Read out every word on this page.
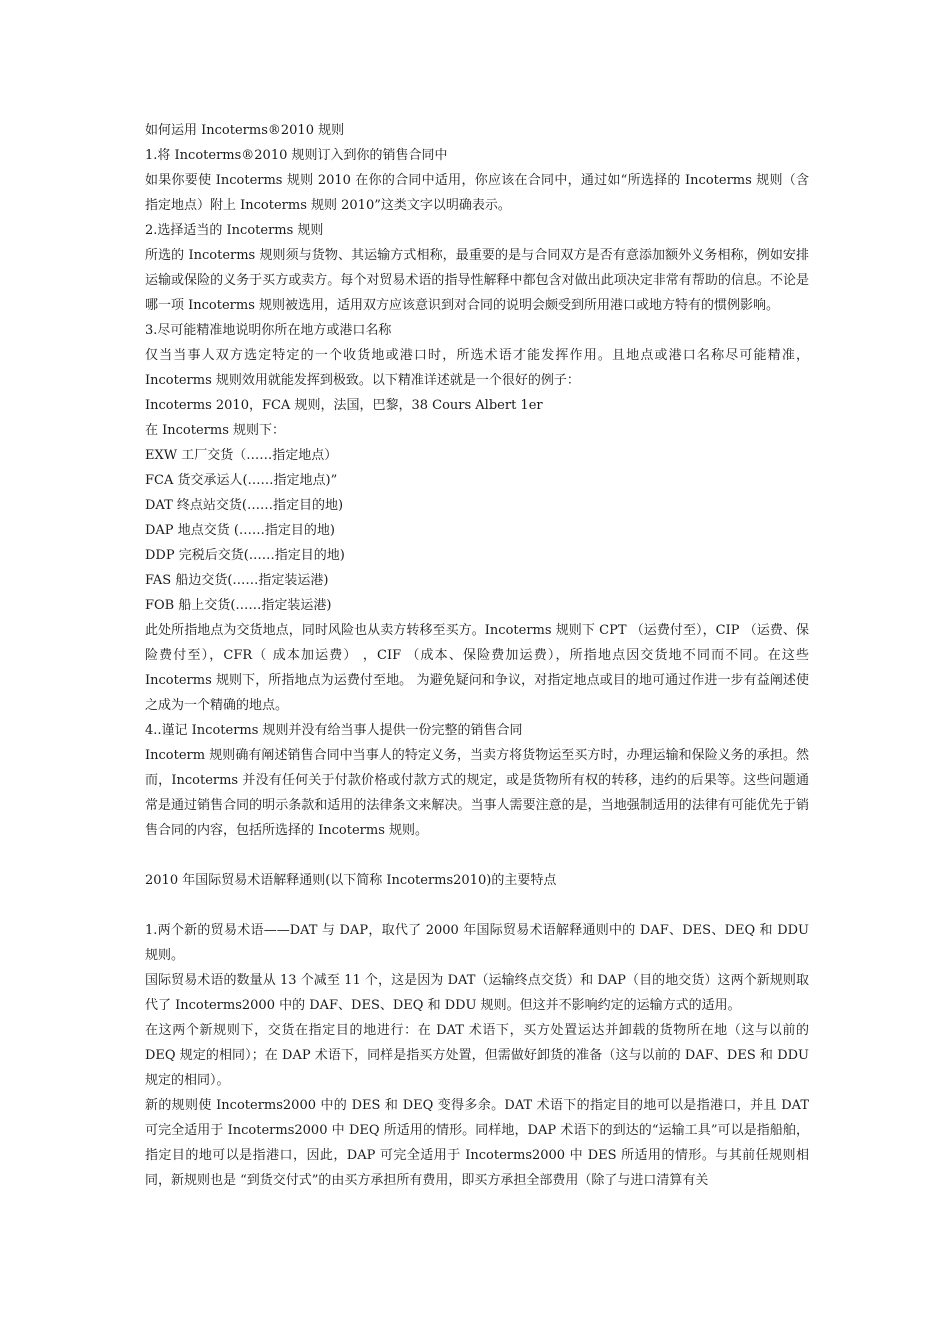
如何运用 Incoterms®2010 规则

1.将 Incoterms®2010 规则订入到你的销售合同中

如果你要使 Incoterms 规则 2010 在你的合同中适用，你应该在合同中，通过如“所选择的 Incoterms 规则（含指定地点）附上 Incoterms 规则 2010”这类文字以明确表示。

2.选择适当的 Incoterms 规则

所选的 Incoterms 规则须与货物、其运输方式相称，最重要的是与合同双方是否有意添加额外义务相称，例如安排运输或保险的义务于买方或卖方。每个对贸易术语的指导性解释中都包含对做出此项决定非常有帮助的信息。不论是哪一项 Incoterms 规则被选用，适用双方应该意识到对合同的说明会颇受到所用港口或地方特有的惯例影响。

3.尽可能精准地说明你所在地方或港口名称

仅当当事人双方选定特定的一个收货地或港口时，所选术语才能发挥作用。且地点或港口名称尽可能精准，Incoterms 规则效用就能发挥到极致。以下精准详述就是一个很好的例子：

Incoterms 2010，FCA 规则，法国，巴黎，38 Cours Albert 1er

在 Incoterms 规则下：

EXW 工厂交货（……指定地点）

FCA 货交承运人(……指定地点)”

DAT 终点站交货(……指定目的地)

DAP 地点交货 (……指定目的地)

DDP 完税后交货(……指定目的地)

FAS 船边交货(……指定装运港)

FOB 船上交货(……指定装运港)

此处所指地点为交货地点，同时风险也从卖方转移至买方。Incoterms 规则下 CPT （运费付至），CIP （运费、保险费付至），CFR（ 成本加运费） ，CIF （成本、保险费加运费），所指地点因交货地不同而不同。在这些 Incoterms 规则下，所指地点为运费付至地。 为避免疑问和争议，对指定地点或目的地可通过作进一步有益阐述使之成为一个精确的地点。

4..谨记 Incoterms 规则并没有给当事人提供一份完整的销售合同

Incoterm 规则确有阐述销售合同中当事人的特定义务，当卖方将货物运至买方时，办理运输和保险义务的承担。然而，Incoterms 并没有任何关于付款价格或付款方式的规定，或是货物所有权的转移，违约的后果等。这些问题通常是通过销售合同的明示条款和适用的法律条文来解决。当事人需要注意的是，当地强制适用的法律有可能优先于销售合同的内容，包括所选择的 Incoterms 规则。

2010 年国际贸易术语解释通则(以下简称 Incoterms2010)的主要特点

1.两个新的贸易术语——DAT 与 DAP，取代了 2000 年国际贸易术语解释通则中的 DAF、DES、DEQ 和 DDU 规则。

国际贸易术语的数量从 13 个减至 11 个，这是因为 DAT（运输终点交货）和 DAP（目的地交货）这两个新规则取代了 Incoterms2000 中的 DAF、DES、DEQ 和 DDU 规则。但这并不影响约定的运输方式的适用。

在这两个新规则下，交货在指定目的地进行：在 DAT 术语下，买方处置运达并卸载的货物所在地（这与以前的 DEQ 规定的相同）；在 DAP 术语下，同样是指买方处置，但需做好卸货的准备（这与以前的 DAF、DES 和 DDU 规定的相同）。

新的规则使 Incoterms2000 中的 DES 和 DEQ 变得多余。DAT 术语下的指定目的地可以是指港口，并且 DAT 可完全适用于 Incoterms2000 中 DEQ 所适用的情形。同样地，DAP 术语下的到达的“运输工具”可以是指船舶，指定目的地可以是指港口，因此，DAP 可完全适用于 Incoterms2000 中 DES 所适用的情形。与其前任规则相同，新规则也是 “到货交付式”的由买方承担所有费用，即买方承担全部费用（除了与进口清算有关
